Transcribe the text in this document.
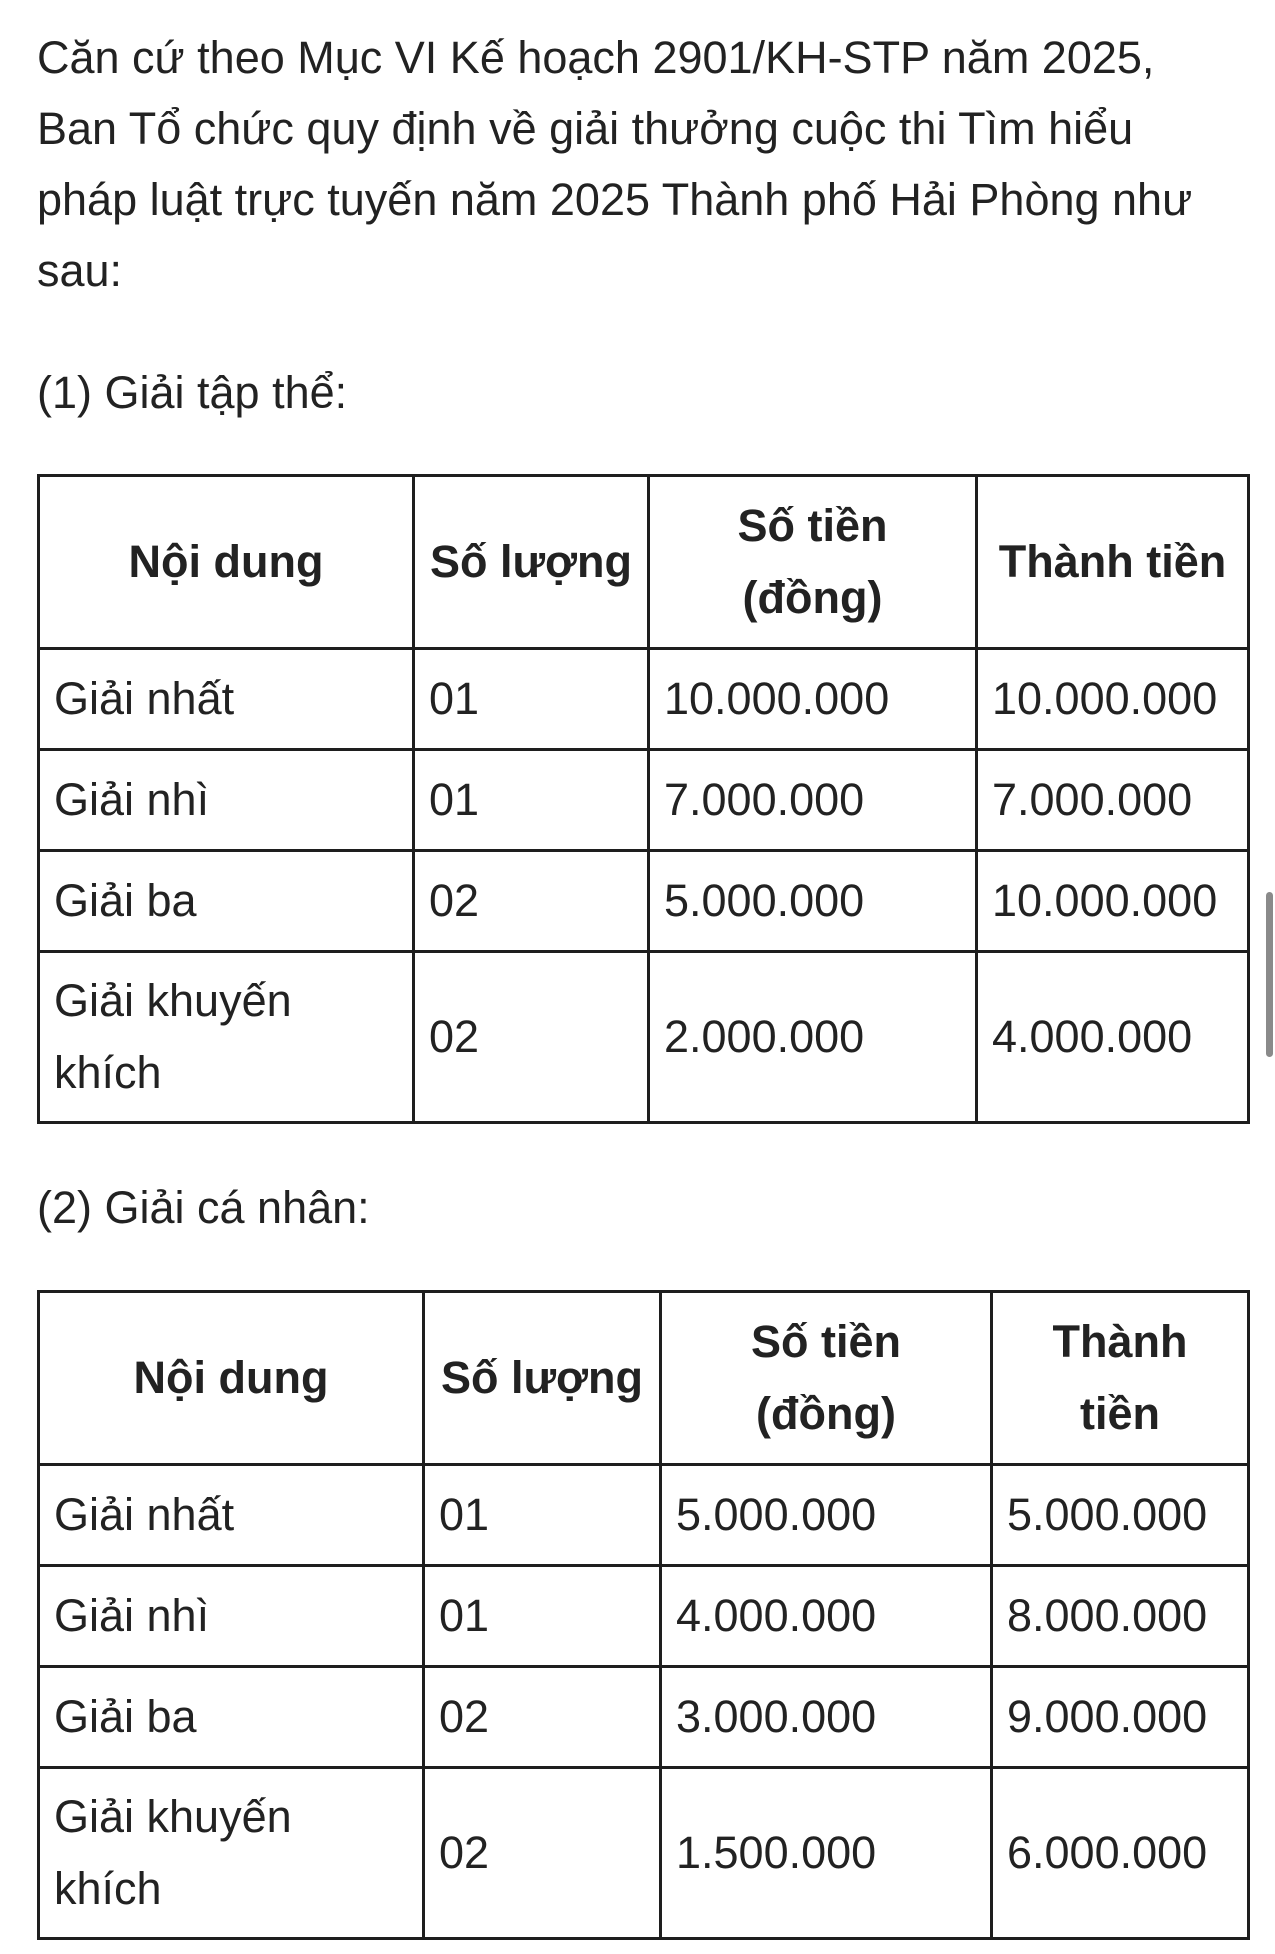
Căn cứ theo Mục VI Kế hoạch 2901/KH-STP năm 2025, Ban Tổ chức quy định về giải thưởng cuộc thi Tìm hiểu pháp luật trực tuyến năm 2025 Thành phố Hải Phòng như sau:

(1) Giải tập thể:

Nội dung	Số lượng	Số tiền (đồng)	Thành tiền
Giải nhất	01	10.000.000	10.000.000
Giải nhì	01	7.000.000	7.000.000
Giải ba	02	5.000.000	10.000.000
Giải khuyến khích	02	2.000.000	4.000.000

(2) Giải cá nhân:

Nội dung	Số lượng	Số tiền (đồng)	Thành tiền
Giải nhất	01	5.000.000	5.000.000
Giải nhì	01	4.000.000	8.000.000
Giải ba	02	3.000.000	9.000.000
Giải khuyến khích	02	1.500.000	6.000.000
